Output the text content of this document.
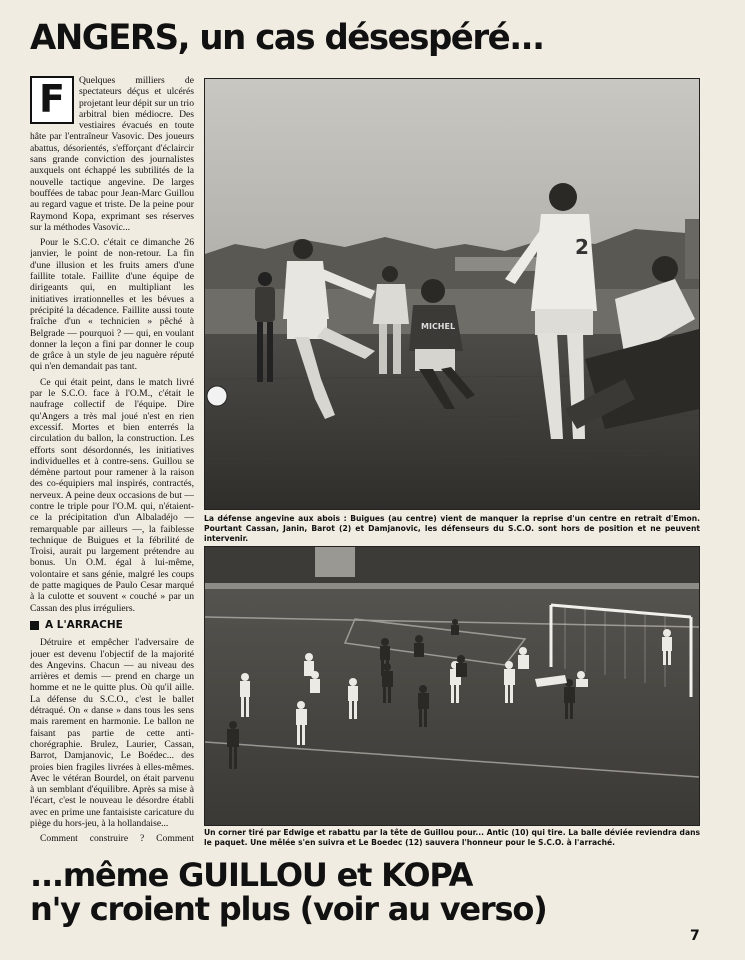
ANGERS, un cas désespéré...

F	Quelques milliers de spectateurs déçus et ulcérés projetant leur dépit sur un trio arbitral bien médiocre. Des vestiaires évacués en toute hâte par l'entraîneur Vasovic. Des joueurs abattus, désorientés, s'efforçant d'éclaircir sans grande conviction des journalistes auxquels ont échappé les subtilités de la nouvelle tactique angevine. De larges bouffées de tabac pour Jean-Marc Guillou au regard vague et triste. De la peine pour Raymond Kopa, exprimant ses réserves sur la méthodes Vasovic...

Pour le S.C.O. c'était ce dimanche 26 janvier, le point de non-retour. La fin d'une illusion et les fruits amers d'une faillite totale. Faillite d'une équipe de dirigeants qui, en multipliant les initiatives irrationnelles et les bévues a précipité la décadence. Faillite aussi toute fraîche d'un « technicien » pêché à Belgrade — pourquoi ? — qui, en voulant donner la leçon a fini par donner le coup de grâce à un style de jeu naguère réputé qui n'en demandait pas tant.

Ce qui était peint, dans le match livré par le S.C.O. face à l'O.M., c'était le naufrage collectif de l'équipe. Dire qu'Angers a très mal joué n'est en rien excessif. Mortes et bien enterrés la circulation du ballon, la construction. Les efforts sont désordonnés, les initiatives individuelles et à contre-sens. Guillou se démène partout pour ramener à la raison des co-équipiers mal inspirés, contractés, nerveux. A peine deux occasions de but — contre le triple pour l'O.M. qui, n'étaient-ce la précipitation d'un Albaladéjo — remarquable par ailleurs —, la faiblesse technique de Buigues et la fébrilité de Troisi, aurait pu largement prétendre au bonus. Un O.M. égal à lui-même, volontaire et sans génie, malgré les coups de patte magiques de Paulo Cesar marqué à la culotte et souvent « couché » par un Cassan des plus irréguliers.

A L'ARRACHE

Détruire et empêcher l'adversaire de jouer est devenu l'objectif de la majorité des Angevins. Chacun — au niveau des arrières et demis — prend en charge un homme et ne le quitte plus. Où qu'il aille. La défense du S.C.O., c'est le ballet détraqué. On « danse » dans tous les sens mais rarement en harmonie. Le ballon ne faisant pas partie de cette anti-chorégraphie. Brulez, Laurier, Cassan, Barrot, Damjanovic, Le Boédec... des proies bien fragiles livrées à elles-mêmes. Avec le vétéran Bourdel, on était parvenu à un semblant d'équilibre. Après sa mise à l'écart, c'est le nouveau le désordre établi avec en prime une fantaisiste caricature du piège du hors-jeu, à la hollandaise...

Comment construire ? Comment

MICHEL
2
La défense angevine aux abois : Buigues (au centre) vient de manquer la reprise d'un centre en retrait d'Emon. Pourtant Cassan, Janin, Barot (2) et Damjanovic, les défenseurs du S.C.O. sont hors de position et ne peuvent intervenir.
Un corner tiré par Edwige et rabattu par la tête de Guillou pour... Antic (10) qui tire. La balle déviée reviendra dans le paquet. Une mêlée s'en suivra et Le Boedec (12) sauvera l'honneur pour le S.C.O. à l'arraché.
...même GUILLOU et KOPA
n'y croient plus (voir au verso)
7
